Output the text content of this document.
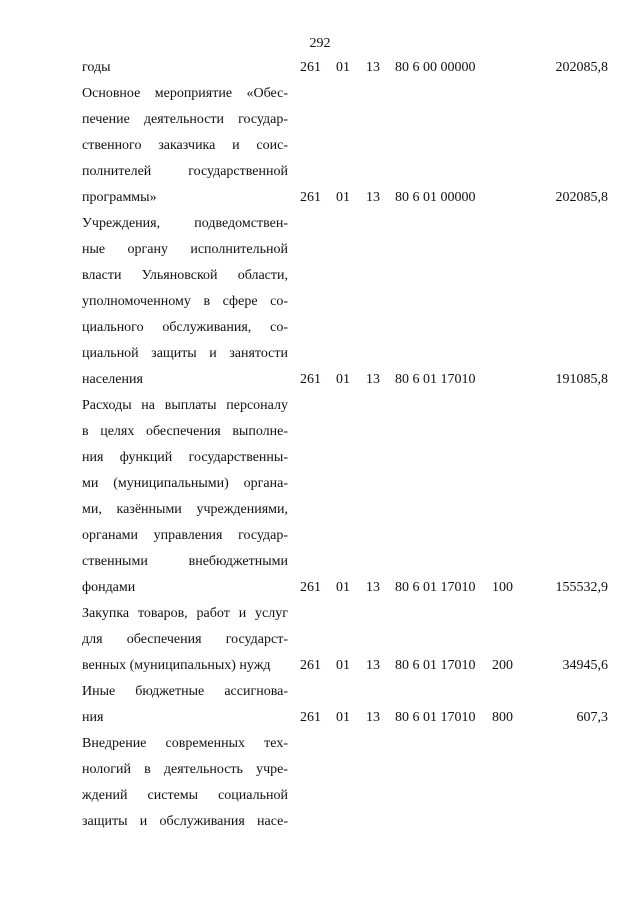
292
годы	261 01 13 80 6 00 00000	202085,8
Основное мероприятие «Обес-
печение деятельности государ-
ственного заказчика и соис-
полнителей государственной
программы»	261 01 13 80 6 01 00000	202085,8
Учреждения, подведомствен-
ные органу исполнительной
власти Ульяновской области,
уполномоченному в сфере со-
циального обслуживания, со-
циальной защиты и занятости
населения	261 01 13 80 6 01 17010	191085,8
Расходы на выплаты персоналу
в целях обеспечения выполне-
ния функций государственны-
ми (муниципальными) органа-
ми, казёнными учреждениями,
органами управления государ-
ственными внебюджетными
фондами	261 01 13 80 6 01 17010 100	155532,9
Закупка товаров, работ и услуг
для обеспечения государст-
венных (муниципальных) нужд	261 01 13 80 6 01 17010 200	34945,6
Иные бюджетные ассигнова-
ния	261 01 13 80 6 01 17010 800	607,3
Внедрение современных тех-
нологий в деятельность учре-
ждений системы социальной
защиты и обслуживания насе-
